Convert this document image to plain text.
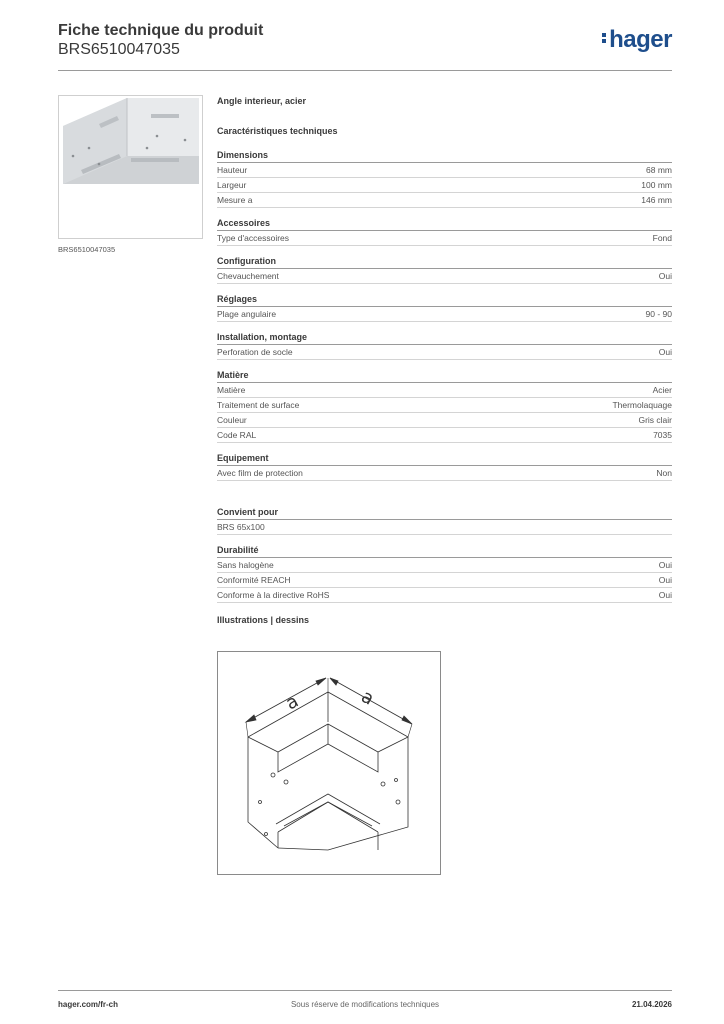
Fiche technique du produit
BRS6510047035	hager
BRS6510047035
Angle interieur, acier
Caractéristiques techniques
Dimensions
Hauteur	68 mm
Largeur	100 mm
Mesure a	146 mm
Accessoires
Type d'accessoires	Fond
Configuration
Chevauchement	Oui
Réglages
Plage angulaire	90 - 90
Installation, montage
Perforation de socle	Oui
Matière
Matière	Acier
Traitement de surface	Thermolaquage
Couleur	Gris clair
Code RAL	7035
Equipement
Avec film de protection	Non
Convient pour
BRS 65x100
Durabilité
Sans halogène	Oui
Conformité REACH	Oui
Conforme à la directive RoHS	Oui
Illustrations | dessins
a	a
hager.com/fr-ch	Sous réserve de modifications techniques	21.04.2026
